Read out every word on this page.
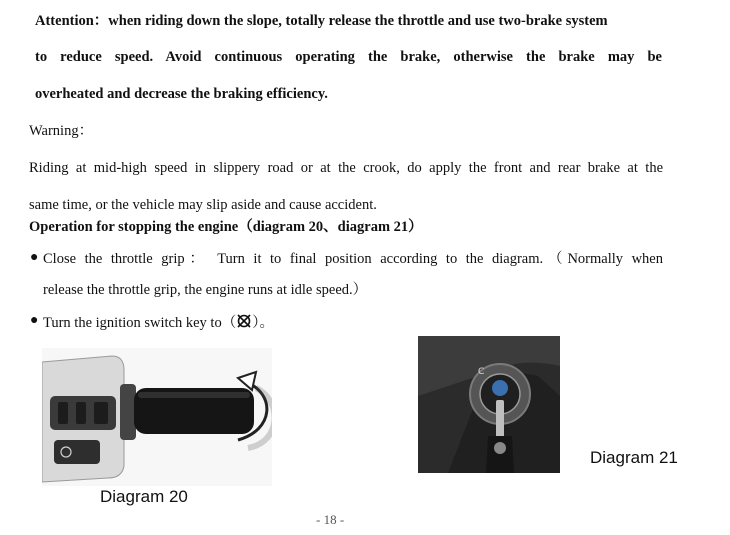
Attention：when riding down the slope, totally release the throttle and use two-brake system
to reduce speed. Avoid continuous operating the brake, otherwise the brake may be
overheated and decrease the braking efficiency.
Warning：
Riding at mid-high speed in slippery road or at the crook, do apply the front and rear brake at the
same time, or the vehicle may slip aside and cause accident.
Operation for stopping the engine（diagram 20、diagram 21）
● Close the throttle grip： Turn it to final position according to the diagram.（Normally when
release the throttle grip, the engine runs at idle speed.）
● Turn the ignition switch key to（ ）。
Diagram 20
C
Diagram 21
- 18 -
